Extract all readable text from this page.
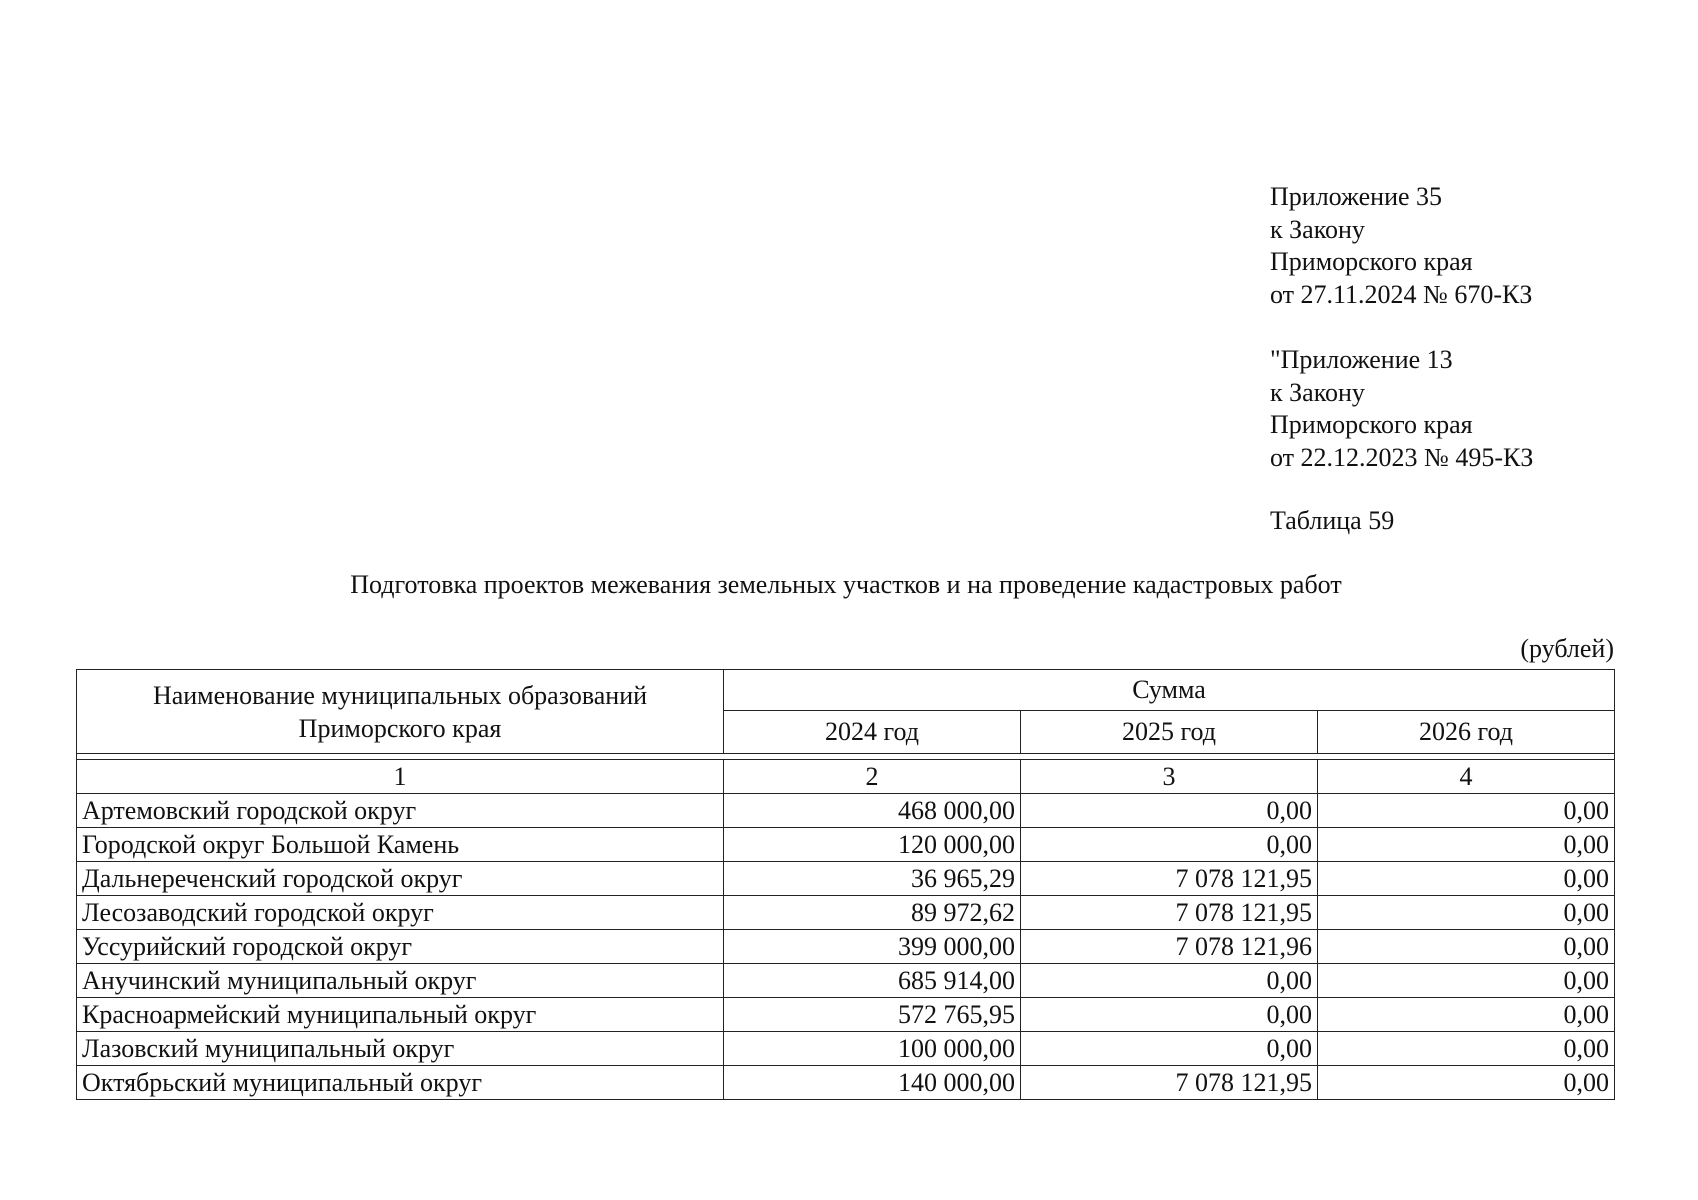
Приложение 35
к Закону
Приморского края
от 27.11.2024 № 670-КЗ
"Приложение 13
к Закону
Приморского края
от 22.12.2023 № 495-КЗ
Таблица 59
Подготовка проектов межевания земельных участков и на проведение кадастровых работ
(рублей)
Наименование муниципальных образований Приморского края	Сумма		
	2024 год	2025 год	2026 год

1	2	3	4
Артемовский городской округ	468 000,00	0,00	0,00
Городской округ Большой Камень	120 000,00	0,00	0,00
Дальнереченский городской округ	36 965,29	7 078 121,95	0,00
Лесозаводский городской округ	89 972,62	7 078 121,95	0,00
Уссурийский городской округ	399 000,00	7 078 121,96	0,00
Анучинский муниципальный округ	685 914,00	0,00	0,00
Красноармейский муниципальный округ	572 765,95	0,00	0,00
Лазовский муниципальный округ	100 000,00	0,00	0,00
Октябрьский муниципальный округ	140 000,00	7 078 121,95	0,00
